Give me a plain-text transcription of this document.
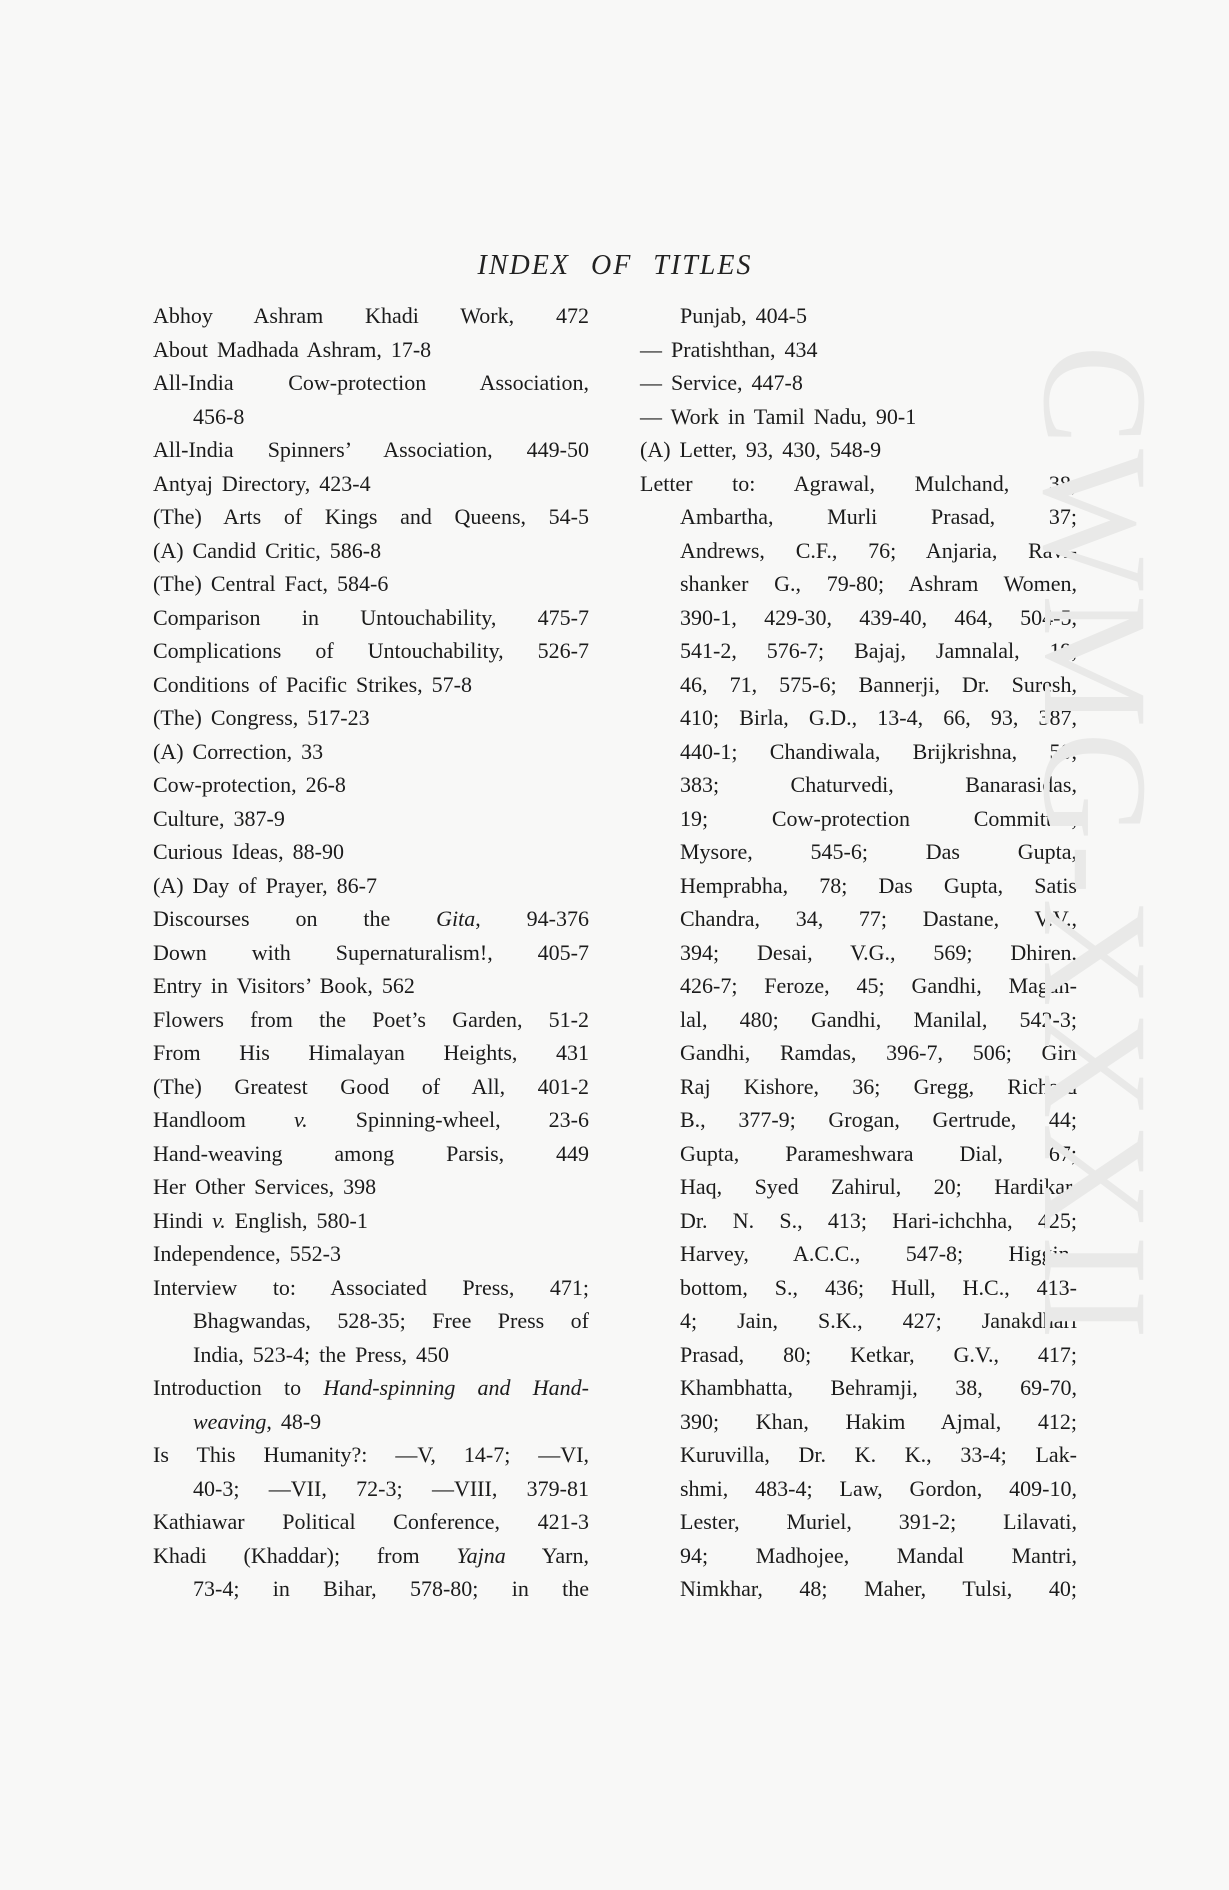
INDEX OF TITLES
Abhoy Ashram Khadi Work, 472
About Madhada Ashram, 17-8
All-India Cow-protection Association,
456-8
All-India Spinners’ Association, 449-50
Antyaj Directory, 423-4
(The) Arts of Kings and Queens, 54-5
(A) Candid Critic, 586-8
(The) Central Fact, 584-6
Comparison in Untouchability, 475-7
Complications of Untouchability, 526-7
Conditions of Pacific Strikes, 57-8
(The) Congress, 517-23
(A) Correction, 33
Cow-protection, 26-8
Culture, 387-9
Curious Ideas, 88-90
(A) Day of Prayer, 86-7
Discourses on the Gita, 94-376
Down with Supernaturalism!, 405-7
Entry in Visitors’ Book, 562
Flowers from the Poet’s Garden, 51-2
From His Himalayan Heights, 431
(The) Greatest Good of All, 401-2
Handloom v. Spinning-wheel, 23-6
Hand-weaving among Parsis, 449
Her Other Services, 398
Hindi v. English, 580-1
Independence, 552-3
Interview to: Associated Press, 471;
Bhagwandas, 528-35; Free Press of
India, 523-4; the Press, 450
Introduction to Hand-spinning and Hand-
weaving, 48-9
Is This Humanity?: —V, 14-7; —VI,
40-3; —VII, 72-3; —VIII, 379-81
Kathiawar Political Conference, 421-3
Khadi (Khaddar); from Yajna Yarn,
73-4; in Bihar, 578-80; in the
Punjab, 404-5
— Pratishthan, 434
— Service, 447-8
— Work in Tamil Nadu, 90-1
(A) Letter, 93, 430, 548-9
Letter to: Agrawal, Mulchand, 38;
Ambartha, Murli Prasad, 37;
Andrews, C.F., 76; Anjaria, Ravi-
shanker G., 79-80; Ashram Women,
390-1, 429-30, 439-40, 464, 504-5,
541-2, 576-7; Bajaj, Jamnalal, 19,
46, 71, 575-6; Bannerji, Dr. Suresh,
410; Birla, G.D., 13-4, 66, 93, 387,
440-1; Chandiwala, Brijkrishna, 50,
383; Chaturvedi, Banarasidas,
19; Cow-protection Committee,
Mysore, 545-6; Das Gupta,
Hemprabha, 78; Das Gupta, Satis
Chandra, 34, 77; Dastane, V.V.,
394; Desai, V.G., 569; Dhiren,
426-7; Feroze, 45; Gandhi, Magan-
lal, 480; Gandhi, Manilal, 542-3;
Gandhi, Ramdas, 396-7, 506; Giri
Raj Kishore, 36; Gregg, Richard
B., 377-9; Grogan, Gertrude, 44;
Gupta, Parameshwara Dial, 67;
Haq, Syed Zahirul, 20; Hardikar,
Dr. N. S., 413; Hari-ichchha, 425;
Harvey, A.C.C., 547-8; Higgin-
bottom, S., 436; Hull, H.C., 413-
4; Jain, S.K., 427; Janakdhari
Prasad, 80; Ketkar, G.V., 417;
Khambhatta, Behramji, 38, 69-70,
390; Khan, Hakim Ajmal, 412;
Kuruvilla, Dr. K. K., 33-4; Lak-
shmi, 483-4; Law, Gordon, 409-10,
Lester, Muriel, 391-2; Lilavati,
94; Madhojee, Mandal Mantri,
Nimkhar, 48; Maher, Tulsi, 40;
CWMG-XXXII
